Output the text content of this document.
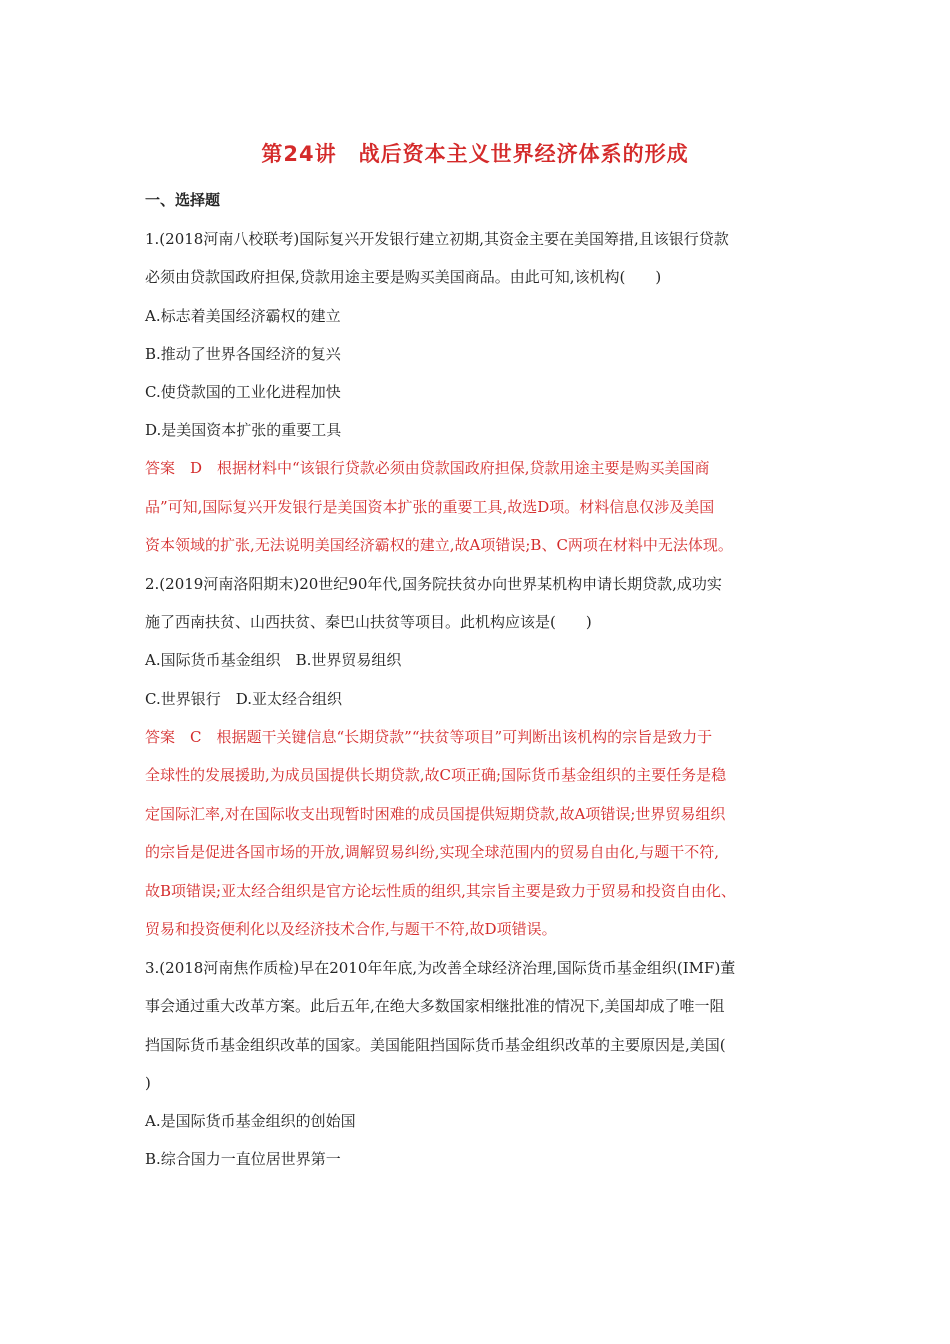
第24讲　战后资本主义世界经济体系的形成
一、选择题
1.(2018河南八校联考)国际复兴开发银行建立初期,其资金主要在美国筹措,且该银行贷款
必须由贷款国政府担保,贷款用途主要是购买美国商品。由此可知,该机构(　　)
A.标志着美国经济霸权的建立
B.推动了世界各国经济的复兴
C.使贷款国的工业化进程加快
D.是美国资本扩张的重要工具
答案　D　根据材料中“该银行贷款必须由贷款国政府担保,贷款用途主要是购买美国商
品”可知,国际复兴开发银行是美国资本扩张的重要工具,故选D项。材料信息仅涉及美国
资本领域的扩张,无法说明美国经济霸权的建立,故A项错误;B、C两项在材料中无法体现。
2.(2019河南洛阳期末)20世纪90年代,国务院扶贫办向世界某机构申请长期贷款,成功实
施了西南扶贫、山西扶贫、秦巴山扶贫等项目。此机构应该是(　　)
A.国际货币基金组织　B.世界贸易组织
C.世界银行　D.亚太经合组织
答案　C　根据题干关键信息“长期贷款”“扶贫等项目”可判断出该机构的宗旨是致力于
全球性的发展援助,为成员国提供长期贷款,故C项正确;国际货币基金组织的主要任务是稳
定国际汇率,对在国际收支出现暂时困难的成员国提供短期贷款,故A项错误;世界贸易组织
的宗旨是促进各国市场的开放,调解贸易纠纷,实现全球范围内的贸易自由化,与题干不符,
故B项错误;亚太经合组织是官方论坛性质的组织,其宗旨主要是致力于贸易和投资自由化、
贸易和投资便利化以及经济技术合作,与题干不符,故D项错误。
3.(2018河南焦作质检)早在2010年年底,为改善全球经济治理,国际货币基金组织(IMF)董
事会通过重大改革方案。此后五年,在绝大多数国家相继批准的情况下,美国却成了唯一阻
挡国际货币基金组织改革的国家。美国能阻挡国际货币基金组织改革的主要原因是,美国(
)
A.是国际货币基金组织的创始国
B.综合国力一直位居世界第一
